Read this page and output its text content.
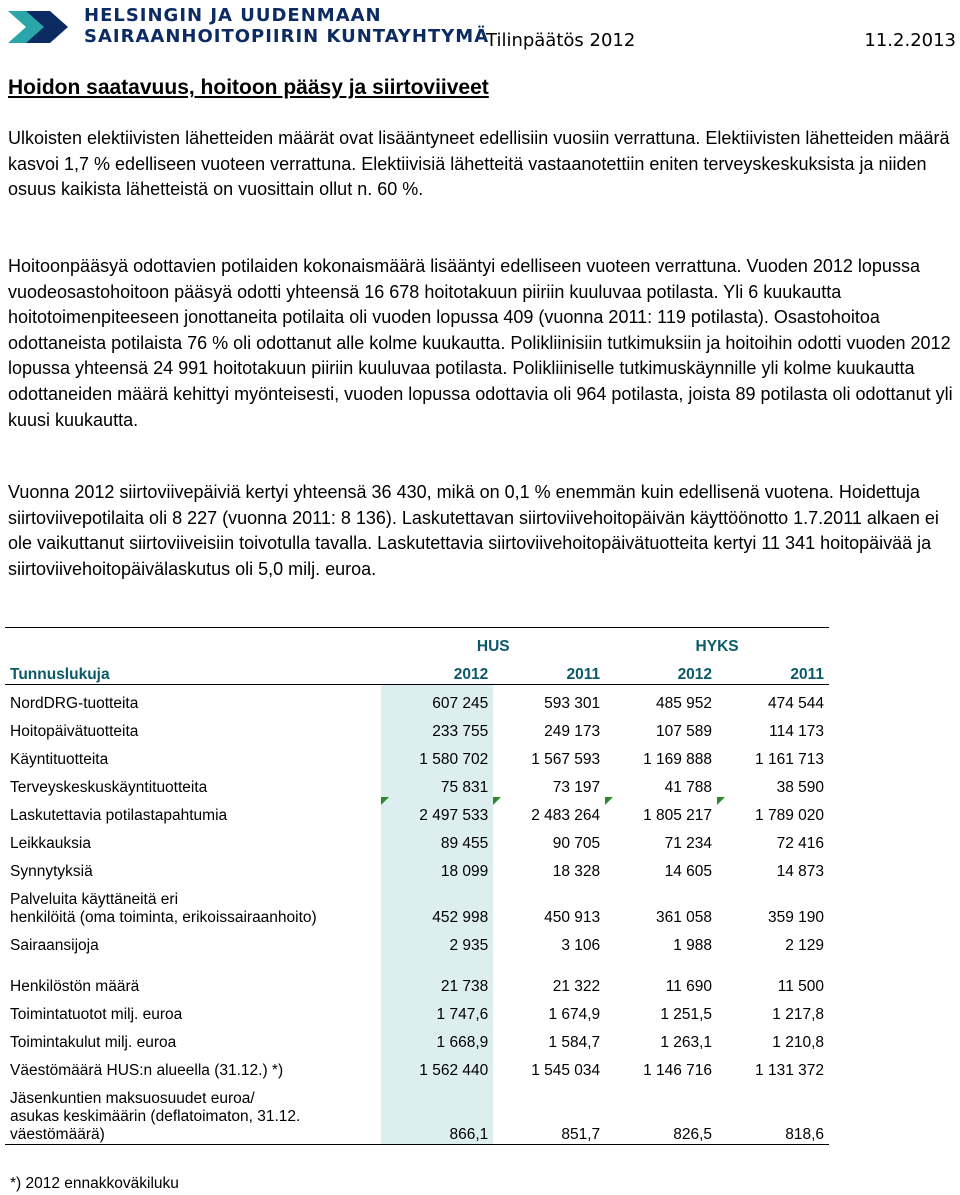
HELSINGIN JA UUDENMAAN
SAIRAANHOITOPIIRIN KUNTAYHTYMÄ
Tilinpäätös 2012	11.2.2013
Hoidon saatavuus, hoitoon pääsy ja siirtoviiveet

Ulkoisten elektiivisten lähetteiden määrät ovat lisääntyneet edellisiin vuosiin verrattuna. Elektiivisten lähetteiden määrä kasvoi 1,7 % edelliseen vuoteen verrattuna. Elektiivisiä lähetteitä vastaanotettiin eniten terveyskeskuksista ja niiden osuus kaikista lähetteistä on vuosittain ollut n. 60 %.

Hoitoonpääsyä odottavien potilaiden kokonaismäärä lisääntyi edelliseen vuoteen verrattuna. Vuoden 2012 lopussa vuodeosastohoitoon pääsyä odotti yhteensä 16 678 hoitotakuun piiriin kuuluvaa potilasta. Yli 6 kuukautta hoitotoimenpiteeseen jonottaneita potilaita oli vuoden lopussa 409 (vuonna 2011: 119 potilasta). Osastohoitoa odottaneista potilaista 76 % oli odottanut alle kolme kuukautta. Polikliinisiin tutkimuksiin ja hoitoihin odotti vuoden 2012 lopussa yhteensä 24 991 hoitotakuun piiriin kuuluvaa potilasta. Polikliiniselle tutkimuskäynnille yli kolme kuukautta odottaneiden määrä kehittyi myönteisesti, vuoden lopussa odottavia oli 964 potilasta, joista 89 potilasta oli odottanut yli kuusi kuukautta.

Vuonna 2012 siirtoviivepäiviä kertyi yhteensä 36 430, mikä on 0,1 % enemmän kuin edellisenä vuotena. Hoidettuja siirtoviivepotilaita oli 8 227 (vuonna 2011: 8 136). Laskutettavan siirtoviivehoitopäivän käyttöönotto 1.7.2011 alkaen ei ole vaikuttanut siirtoviiveisiin toivotulla tavalla. Laskutettavia siirtoviivehoitopäivätuotteita kertyi 11 341 hoitopäivää ja siirtoviivehoitopäivälaskutus oli 5,0 milj. euroa.

	HUS		HYKS	
Tunnuslukuja	2012	2011	2012	2011
NordDRG-tuotteita	607 245	593 301	485 952	474 544
Hoitopäivätuotteita	233 755	249 173	107 589	114 173
Käyntituotteita	1 580 702	1 567 593	1 169 888	1 161 713
Terveyskeskuskäyntituotteita	75 831	73 197	41 788	38 590
Laskutettavia potilastapahtumia	2 497 533	2 483 264	1 805 217	1 789 020
Leikkauksia	89 455	90 705	71 234	72 416
Synnytyksiä	18 099	18 328	14 605	14 873
Palveluita käyttäneitä eri
henkilöitä (oma toiminta, erikoissairaanhoito)	452 998	450 913	361 058	359 190
Sairaansijoja	2 935	3 106	1 988	2 129

Henkilöstön määrä	21 738	21 322	11 690	11 500
Toimintatuotot milj. euroa	1 747,6	1 674,9	1 251,5	1 217,8
Toimintakulut milj. euroa	1 668,9	1 584,7	1 263,1	1 210,8
Väestömäärä HUS:n alueella (31.12.) *)	1 562 440	1 545 034	1 146 716	1 131 372
Jäsenkuntien maksuosuudet euroa/
asukas keskimäärin (deflatoimaton, 31.12.
väestömäärä)	866,1	851,7	826,5	818,6
*) 2012 ennakkoväkiluku
